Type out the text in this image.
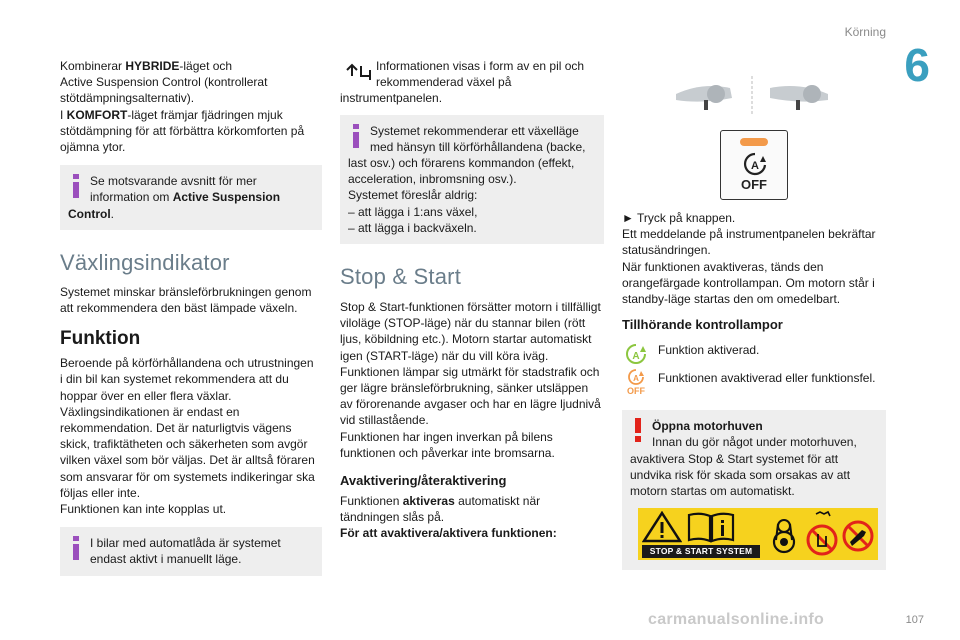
Körning
6
107
carmanualsonline.info
Kombinerar HYBRIDE-läget och
Active Suspension Control (kontrollerat
stötdämpningsalternativ).
I KOMFORT-läget främjar fjädringen mjuk
stötdämpning för att förbättra körkomforten på
ojämna ytor.
Se motsvarande avsnitt för mer
information om Active Suspension
Control.
Växlingsindikator
Systemet minskar bränsleförbrukningen genom
att rekommendera den bäst lämpade växeln.
Funktion
Beroende på körförhållandena och utrustningen
i din bil kan systemet rekommendera att du
hoppar över en eller flera växlar.
Växlingsindikationen är endast en
rekommendation. Det är naturligtvis vägens
skick, trafiktätheten och säkerheten som avgör
vilken växel som bör väljas. Det är alltså föraren
som ansvarar för om systemets indikeringar ska
följas eller inte.
Funktionen kan inte kopplas ut.
I bilar med automatlåda är systemet
endast aktivt i manuellt läge.
Informationen visas i form av en pil och
rekommenderad växel på
instrumentpanelen.
Systemet rekommenderar ett växelläge
med hänsyn till körförhållandena (backe,
last osv.) och förarens kommandon (effekt,
acceleration, inbromsning osv.).
Systemet föreslår aldrig:
– att lägga i 1:ans växel,
– att lägga i backväxeln.
Stop & Start
Stop & Start-funktionen försätter motorn i tillfälligt
viloläge (STOP-läge) när du stannar bilen (rött
ljus, köbildning etc.). Motorn startar automatiskt
igen (START-läge) när du vill köra iväg.
Funktionen lämpar sig utmärkt för stadstrafik och
ger lägre bränsleförbrukning, sänker utsläppen
av förorenande avgaser och har en lägre ljudnivå
vid stillastående.
Funktionen har ingen inverkan på bilens
funktionen och påverkar inte bromsarna.
Avaktivering/återaktivering
Funktionen aktiveras automatiskt när
tändningen slås på.
För att avaktivera/aktivera funktionen:
A
OFF
► Tryck på knappen.
Ett meddelande på instrumentpanelen bekräftar
statusändringen.
När funktionen avaktiveras, tänds den
orangefärgade kontrollampan. Om motorn står i
standby-läge startas den om omedelbart.
Tillhörande kontrollampor
A Funktion aktiverad.
A
OFF
Funktionen avaktiverad eller funktionsfel.
Öppna motorhuven
Innan du gör något under motorhuven,
avaktivera Stop & Start systemet för att
undvika risk för skada som orsakas av att
motorn startas om automatiskt.
STOP & START SYSTEM
